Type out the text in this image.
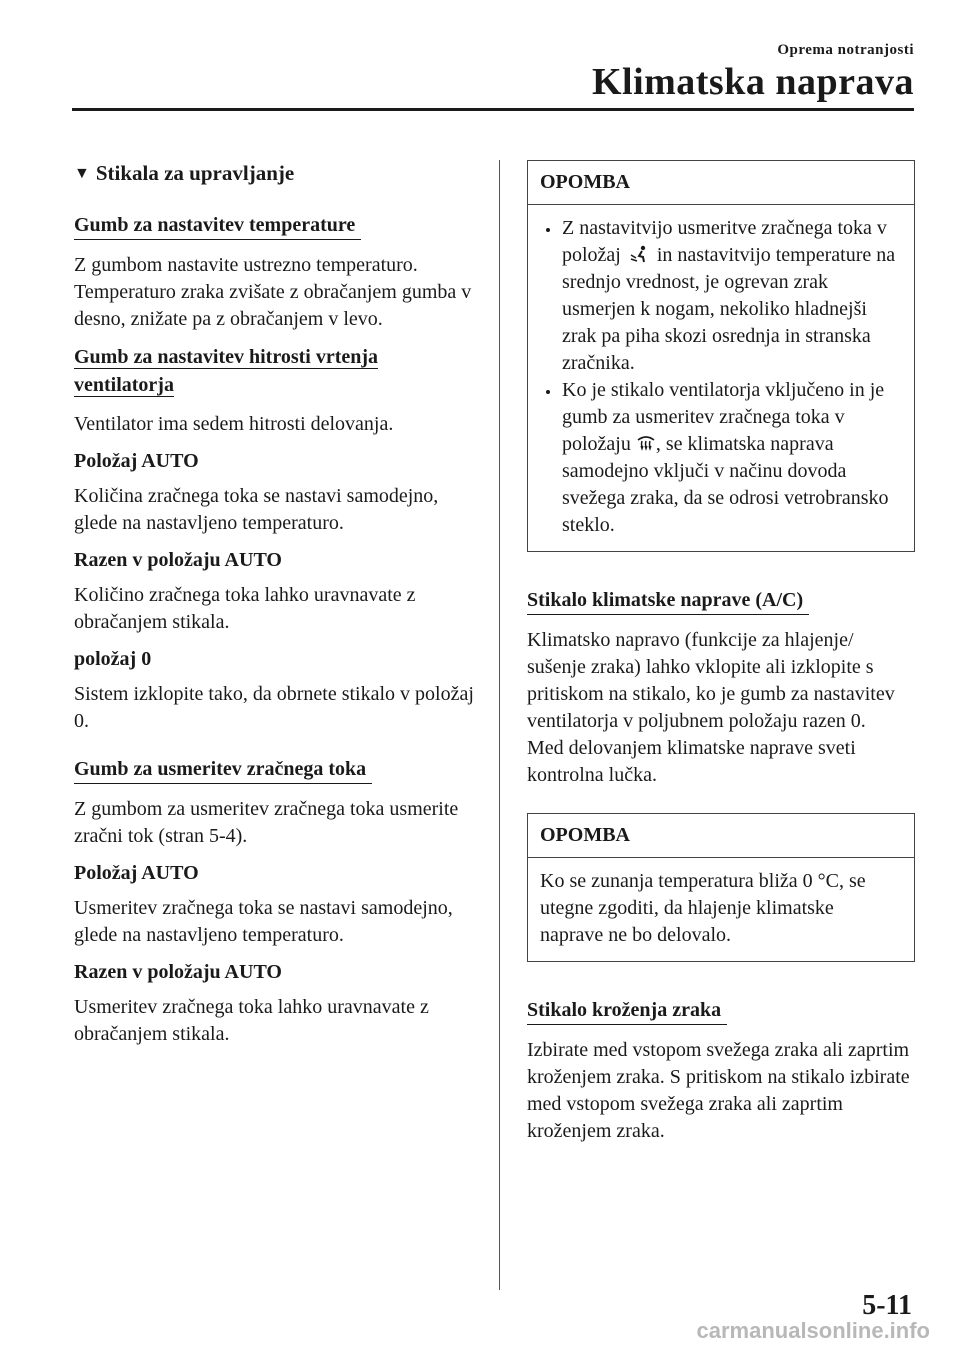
Oprema notranjosti
Klimatska naprava
▼ Stikala za upravljanje
Gumb za nastavitev temperature

Z gumbom nastavite ustrezno temperaturo. Temperaturo zraka zvišate z obračanjem gumba v desno, znižate pa z obračanjem v levo.

Gumb za nastavitev hitrosti vrtenja ventilatorja

Ventilator ima sedem hitrosti delovanja.

Položaj AUTO

Količina zračnega toka se nastavi samodejno, glede na nastavljeno temperaturo.

Razen v položaju AUTO

Količino zračnega toka lahko uravnavate z obračanjem stikala.

položaj 0

Sistem izklopite tako, da obrnete stikalo v položaj 0.

Gumb za usmeritev zračnega toka

Z gumbom za usmeritev zračnega toka usmerite zračni tok (stran 5-4).

Položaj AUTO

Usmeritev zračnega toka se nastavi samodejno, glede na nastavljeno temperaturo.

Razen v položaju AUTO

Usmeritev zračnega toka lahko uravnavate z obračanjem stikala.

OPOMBA
Z nastavitvijo usmeritve zračnega toka v položaj in nastavitvijo temperature na srednjo vrednost, je ogrevan zrak usmerjen k nogam, nekoliko hladnejši zrak pa piha skozi osrednja in stranska zračnika.
Ko je stikalo ventilatorja vključeno in je gumb za usmeritev zračnega toka v položaju , se klimatska naprava samodejno vključi v načinu dovoda svežega zraka, da se odrosi vetrobransko steklo.
Stikalo klimatske naprave (A/C)

Klimatsko napravo (funkcije za hlajenje/ sušenje zraka) lahko vklopite ali izklopite s pritiskom na stikalo, ko je gumb za nastavitev ventilatorja v poljubnem položaju razen 0.

Med delovanjem klimatske naprave sveti kontrolna lučka.

OPOMBA
Ko se zunanja temperatura bliža 0 °C, se utegne zgoditi, da hlajenje klimatske naprave ne bo delovalo.
Stikalo kroženja zraka

Izbirate med vstopom svežega zraka ali zaprtim kroženjem zraka. S pritiskom na stikalo izbirate med vstopom svežega zraka ali zaprtim kroženjem zraka.

5-11
carmanualsonline.info
